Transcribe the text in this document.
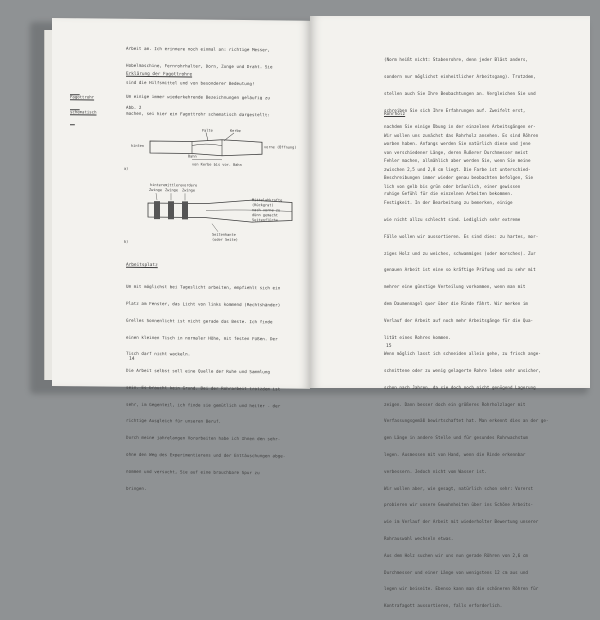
Arbeit am. Ich erinnere noch einmal an: richtige Messer,

Hobelmaschine, Fernrohrhalter, Dorn, Zunge und Draht. Sie

sind die Hilfsmittel und von besonderer Bedeutung!

Fagottrohr

schematisch

Erklärung der Fagottrohre

Um einige immer wiederkehrende Bezeichnungen geläufig zu

machen, sei hier ein Fagottrohr schematisch dargestellt:

Abb. 2
hinten
Bahn
vorne (Öffnung)
Falte	Kerbe
von Kerbe bis vor. Bahn
a)
hintere mittlere vordere
Zwinge Zwinge Zwinge
Mittelabkrafte
(Rückgrat)
nach vorne zu
dünn gemacht
Seitenflüche
Seitenkante
(oder Seite)
b)
Arbeitsplatz

Um mit möglichst bei Tageslicht arbeiten, empfiehlt sich ein

Platz am Fenster, das Licht von links kommend (Rechtshänder)

Grelles Sonnenlicht ist nicht gerade das Beste. Ich finde

einen kleinen Tisch in normaler Höhe, mit festen Füßen. Der

Tisch darf nicht wackeln.

Die Arbeit selbst soll eine Quelle der Ruhe und Sammlung

sein. Es braucht kein Grund. Bei der Rohrarbeit trotzdem ist

sehr, im Gegenteil, ich finde sie gemütlich und heiter - der

richtige Ausgleich für unseren Beruf.

Durch meine jahrelangen Vorarbeiten habe ich Ihnen den sehr-

ohne den Weg des Experimentierens und der Enttäuschungen abge-

nommen und versucht, Sie auf eine brauchbare Spur zu

bringen.

14

(Norm heißt nicht: Stabenrohre, denn jeder Bläst anders,

sondern nur möglichst einheitlicher Arbeitsgang). Trotzdem,

stellen auch Sie Ihre Beobachtungen an. Vergleichen Sie und

schreiben Sie sich Ihre Erfahrungen auf. Zweifelt erst,

nachdem Sie einige Übung in der einzelnen Arbeitsgängen er-

worben haben. Anfangs werden Sie natürlich diese und jene

Fehler machen, allmählich aber werden Sie, wenn Sie meine

Beschreibungen immer wieder genau beobachten befolgen, Sie

ruhige Gefühl für die einzelnen Arbeiten bekommen.

Rohrholz

Wir wollen uns zunächst das Rohrholz ansehen. Es sind Röhren

von verschiedener Länge, deren Äußerer Durchmesser meist

zwischen 2,5 und 2,8 cm liegt. Die Farbe ist unterschied-

lich von gelb bis grün oder bräunlich, einer gewissen

Festigkeit. In der Bearbeitung zu bemerken, einige

wie nicht allzu schlecht sind. Lediglich sehr extreme

Fälle wollen wir aussortieren. Es sind dies: zu hartes, mor-

ziges Holz und zu weiches, schwammiges (oder morsches). Zur

genauen Arbeit ist eine so kräftige Prüfung und zu sehr mit

mehrer eine günstige Verteilung vorkommen, wenn man mit

dem Daumennagel quer über die Rinde fährt. Wir merken im

Verlauf der Arbeit auf noch mehr Arbeitsgänge für die Qua-

lität eines Rohres kommen.

Wenn möglich lasst ich schneiden allein gehe, zu frisch ange-

schnittene oder zu wenig gelagerte Rohre leben sehr unsicher,

schon nach Jahren, da sie doch noch nicht genügend Lagerung

zeigen. Dann besser doch ein größeres Rohrholzlager mit

Verfassungsgemäß bewirtschaftet hat. Man erkennt dies an der ge-

gen Länge in andere Stelle und für gesundes Rohrwachstum

legen. Ausmessen mit von Hand, wenn die Rinde erkennbar

verbessern. Jedoch nicht vom Wasser ist.

Wir wollen aber, wie gesagt, natürlich schon sehr: Vorerst

probieren wir unsere Gewohnheiten über ins Schöne Arbeits-

wie im Verlauf der Arbeit mit wiederholter Bewertung unserer

Rohrauswahl wechseln etwas.

Aus dem Holz suchen wir uns nun gerade Röhren von 2,6 cm

Durchmesser und einer Länge von wenigstens 12 cm aus und

legen wir beiseite. Ebenso kann man die schöneren Röhren für

Kontrafagott aussortieren, falls erforderlich.

15
